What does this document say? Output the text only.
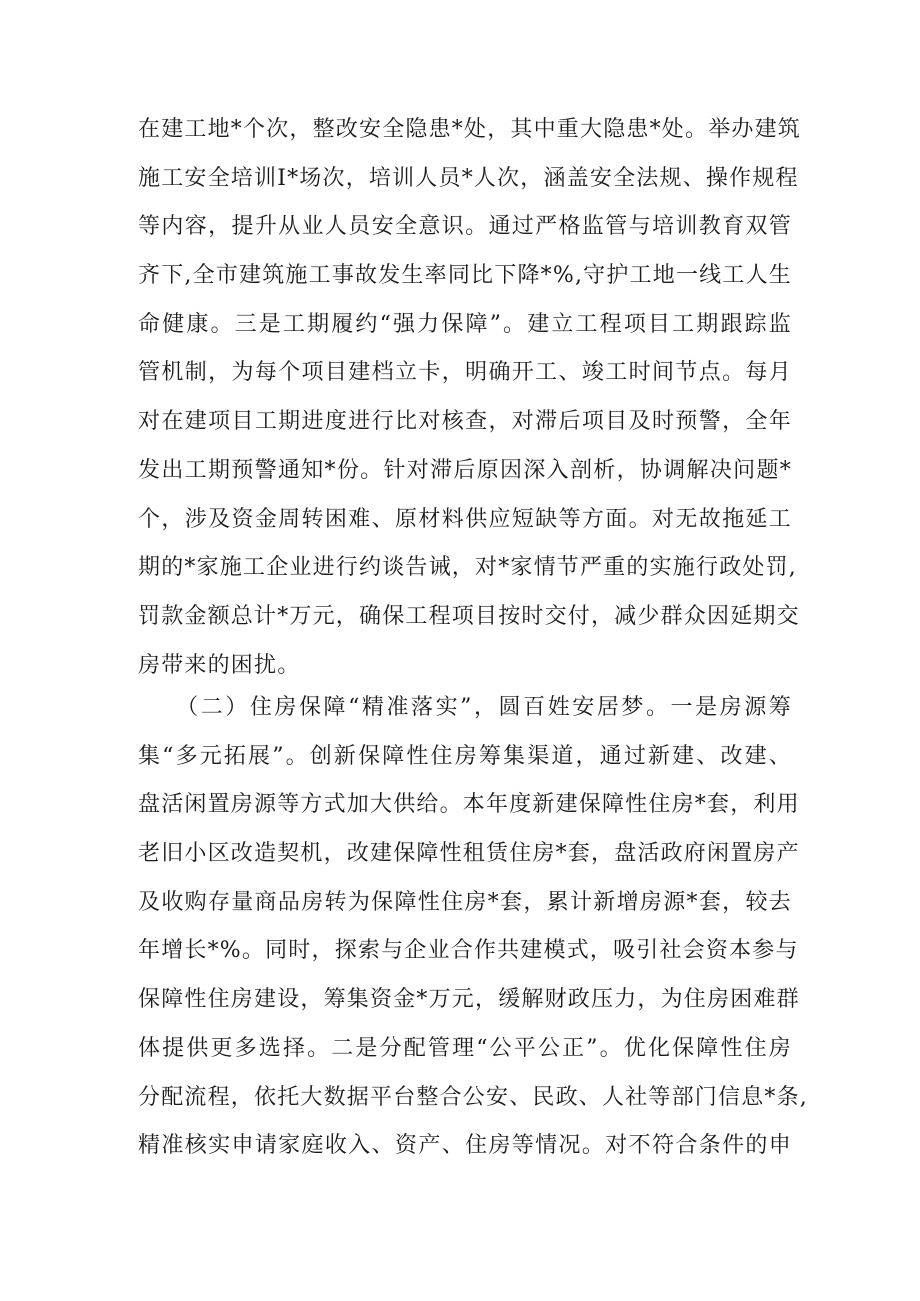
在建工地*个次，整改安全隐患*处，其中重大隐患*处。举办建筑
施工安全培训I*场次，培训人员*人次，涵盖安全法规、操作规程
等内容，提升从业人员安全意识。通过严格监管与培训教育双管
齐下,全市建筑施工事故发生率同比下降*%,守护工地一线工人生
命健康。三是工期履约“强力保障”。建立工程项目工期跟踪监
管机制，为每个项目建档立卡，明确开工、竣工时间节点。每月
对在建项目工期进度进行比对核查，对滞后项目及时预警，全年
发出工期预警通知*份。针对滞后原因深入剖析，协调解决问题*
个，涉及资金周转困难、原材料供应短缺等方面。对无故拖延工
期的*家施工企业进行约谈告诫，对*家情节严重的实施行政处罚,
罚款金额总计*万元，确保工程项目按时交付，减少群众因延期交
房带来的困扰。

　　（二）住房保障“精准落实”，圆百姓安居梦。一是房源筹
集“多元拓展”。创新保障性住房筹集渠道，通过新建、改建、
盘活闲置房源等方式加大供给。本年度新建保障性住房*套，利用
老旧小区改造契机，改建保障性租赁住房*套，盘活政府闲置房产
及收购存量商品房转为保障性住房*套，累计新增房源*套，较去
年增长*%。同时，探索与企业合作共建模式，吸引社会资本参与
保障性住房建设，筹集资金*万元，缓解财政压力，为住房困难群
体提供更多选择。二是分配管理“公平公正”。优化保障性住房
分配流程，依托大数据平台整合公安、民政、人社等部门信息*条,
精准核实申请家庭收入、资产、住房等情况。对不符合条件的申
